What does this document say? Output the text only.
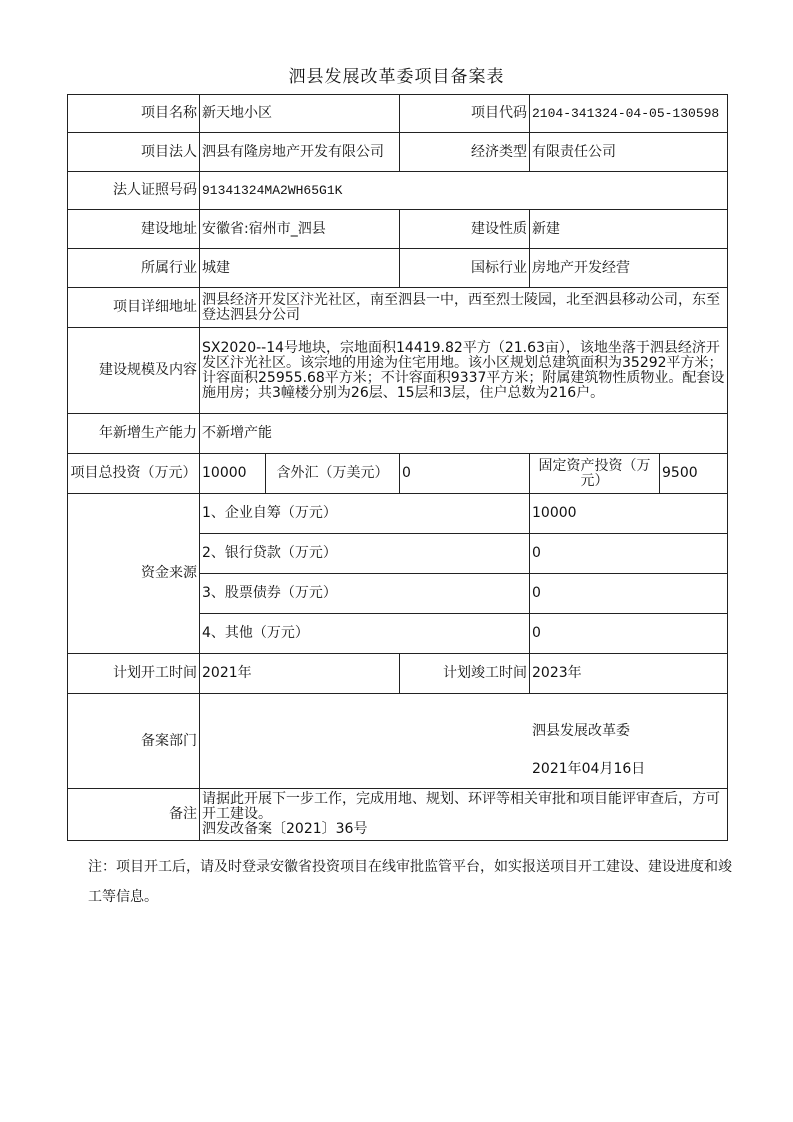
泗县发展改革委项目备案表
项目名称	新天地小区		项目代码	2104-341324-04-05-130598	
项目法人	泗县有隆房地产开发有限公司		经济类型	有限责任公司	
法人证照号码	91341324MA2WH65G1K				
建设地址	安徽省:宿州市_泗县		建设性质	新建	
所属行业	城建		国标行业	房地产开发经营	
项目详细地址	泗县经济开发区汴光社区，南至泗县一中，西至烈士陵园，北至泗县移动公司，东至登达泗县分公司				
建设规模及内容	SX2020--14号地块，宗地面积14419.82平方（21.63亩），该地坐落于泗县经济开发区汴光社区。该宗地的用途为住宅用地。该小区规划总建筑面积为35292平方米；计容面积25955.68平方米；不计容面积9337平方米；附属建筑物性质物业。配套设施用房；共3幢楼分别为26层、15层和3层，住户总数为216户。				
年新增生产能力	不新增产能				
项目总投资（万元）	10000	含外汇（万美元）	0	固定资产投资（万元）	9500
资金来源	1、企业自筹（万元）			10000	
	2、银行贷款（万元）			0	
	3、股票债券（万元）			0	
	4、其他（万元）			0	
计划开工时间	2021年		计划竣工时间	2023年	
备案部门	泗县发展改革委
2021年04月16日				

备注	请据此开展下一步工作，完成用地、规划、环评等相关审批和项目能评审查后，方可开工建设。
泗发改备案〔2021〕36号				
注：项目开工后，请及时登录安徽省投资项目在线审批监管平台，如实报送项目开工建设、建设进度和竣工等信息。
